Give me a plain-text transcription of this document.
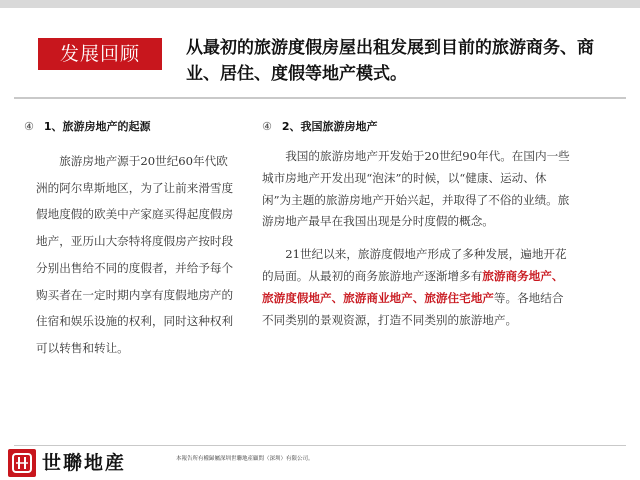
发展回顾	从最初的旅游度假房屋出租发展到目前的旅游商务、商业、居住、度假等地产模式。
④ 1、旅游房地产的起源

旅游房地产源于20世纪60年代欧洲的阿尔卑斯地区，为了让前来滑雪度假地度假的欧美中产家庭买得起度假房地产，亚历山大奈特将度假房产按时段分别出售给不同的度假者，并给予每个购买者在一定时期内享有度假地房产的住宿和娱乐设施的权利，同时这种权利可以转售和转让。

④ 2、我国旅游房地产

我国的旅游房地产开发始于20世纪90年代。在国内一些城市房地产开发出现“泡沫”的时候，以“健康、运动、休闲”为主题的旅游房地产开始兴起，并取得了不俗的业绩。旅游房地产最早在我国出现是分时度假的概念。

21世纪以来，旅游度假地产形成了多种发展，遍地开花的局面。从最初的商务旅游地产逐渐增多有旅游商务地产、旅游度假地产、旅游商业地产、旅游住宅地产等。各地结合不同类别的景观资源，打造不同类别的旅游地产。

世聯地産	本報告所有權歸屬深圳世聯地產顧問（深圳）有限公司。
